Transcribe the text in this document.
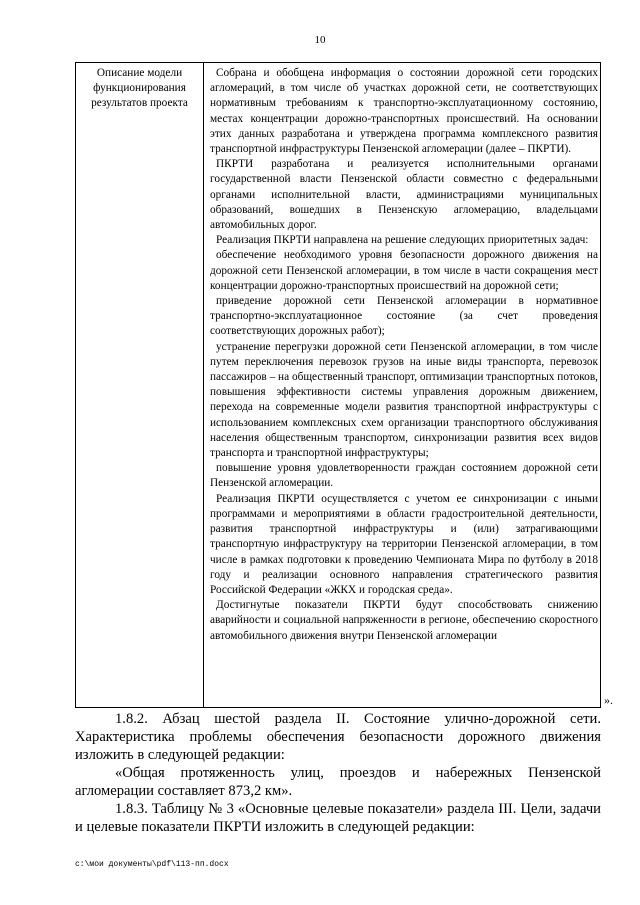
10
Описание модели функционирования результатов проекта

Собрана и обобщена информация о состоянии дорожной сети городских агломераций, в том числе об участках дорожной сети, не соответствующих нормативным требованиям к транспортно-эксплуатационному состоянию, местах концентрации дорожно-транспортных происшествий. На основании этих данных разработана и утверждена программа комплексного развития транспортной инфраструктуры Пензенской агломерации (далее – ПКРТИ).

ПКРТИ разработана и реализуется исполнительными органами государственной власти Пензенской области совместно с федеральными органами исполнительной власти, администрациями муниципальных образований, вошедших в Пензенскую агломерацию, владельцами автомобильных дорог.

Реализация ПКРТИ направлена на решение следующих приоритетных задач:

обеспечение необходимого уровня безопасности дорожного движения на дорожной сети Пензенской агломерации, в том числе в части сокращения мест концентрации дорожно-транспортных происшествий на дорожной сети;

приведение дорожной сети Пензенской агломерации в нормативное транспортно-эксплуатационное состояние (за счет проведения соответствующих дорожных работ);

устранение перегрузки дорожной сети Пензенской агломерации, в том числе путем переключения перевозок грузов на иные виды транспорта, перевозок пассажиров – на общественный транспорт, оптимизации транспортных потоков, повышения эффективности системы управления дорожным движением, перехода на современные модели развития транспортной инфраструктуры с использованием комплексных схем организации транспортного обслуживания населения общественным транспортом, синхронизации развития всех видов транспорта и транспортной инфраструктуры;

повышение уровня удовлетворенности граждан состоянием дорожной сети Пензенской агломерации.

Реализация ПКРТИ осуществляется с учетом ее синхронизации с иными программами и мероприятиями в области градостроительной деятельности, развития транспортной инфраструктуры и (или) затрагивающими транспортную инфраструктуру на территории Пензенской агломерации, в том числе в рамках подготовки к проведению Чемпионата Мира по футболу в 2018 году и реализации основного направления стратегического развития Российской Федерации «ЖКХ и городская среда».

Достигнутые показатели ПКРТИ будут способствовать снижению аварийности и социальной напряженности в регионе, обеспечению скоростного автомобильного движения внутри Пензенской агломерации

».

1.8.2. Абзац шестой раздела II. Состояние улично-дорожной сети. Характеристика проблемы обеспечения безопасности дорожного движения изложить в следующей редакции:

«Общая протяженность улиц, проездов и набережных Пензенской агломерации составляет 873,2 км».

1.8.3. Таблицу № 3 «Основные целевые показатели» раздела III. Цели, задачи и целевые показатели ПКРТИ изложить в следующей редакции:

c:\мои документы\pdf\113-пп.docx
